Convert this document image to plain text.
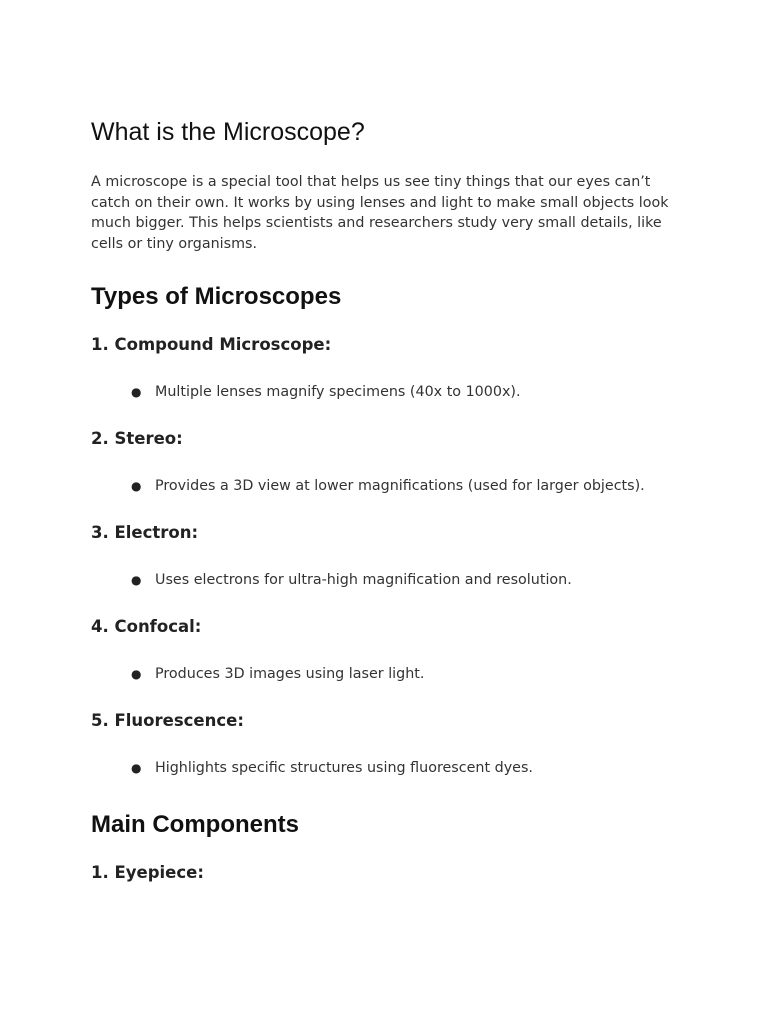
What is the Microscope?

A microscope is a special tool that helps us see tiny things that our eyes can’t catch on their own. It works by using lenses and light to make small objects look much bigger. This helps scientists and researchers study very small details, like cells or tiny organisms.

Types of Microscopes
1. Compound Microscope:
● Multiple lenses magnify specimens (40x to 1000x).
2. Stereo:
● Provides a 3D view at lower magnifications (used for larger objects).
3. Electron:
● Uses electrons for ultra-high magnification and resolution.
4. Confocal:
● Produces 3D images using laser light.
5. Fluorescence:
● Highlights specific structures using fluorescent dyes.
Main Components
1. Eyepiece:
